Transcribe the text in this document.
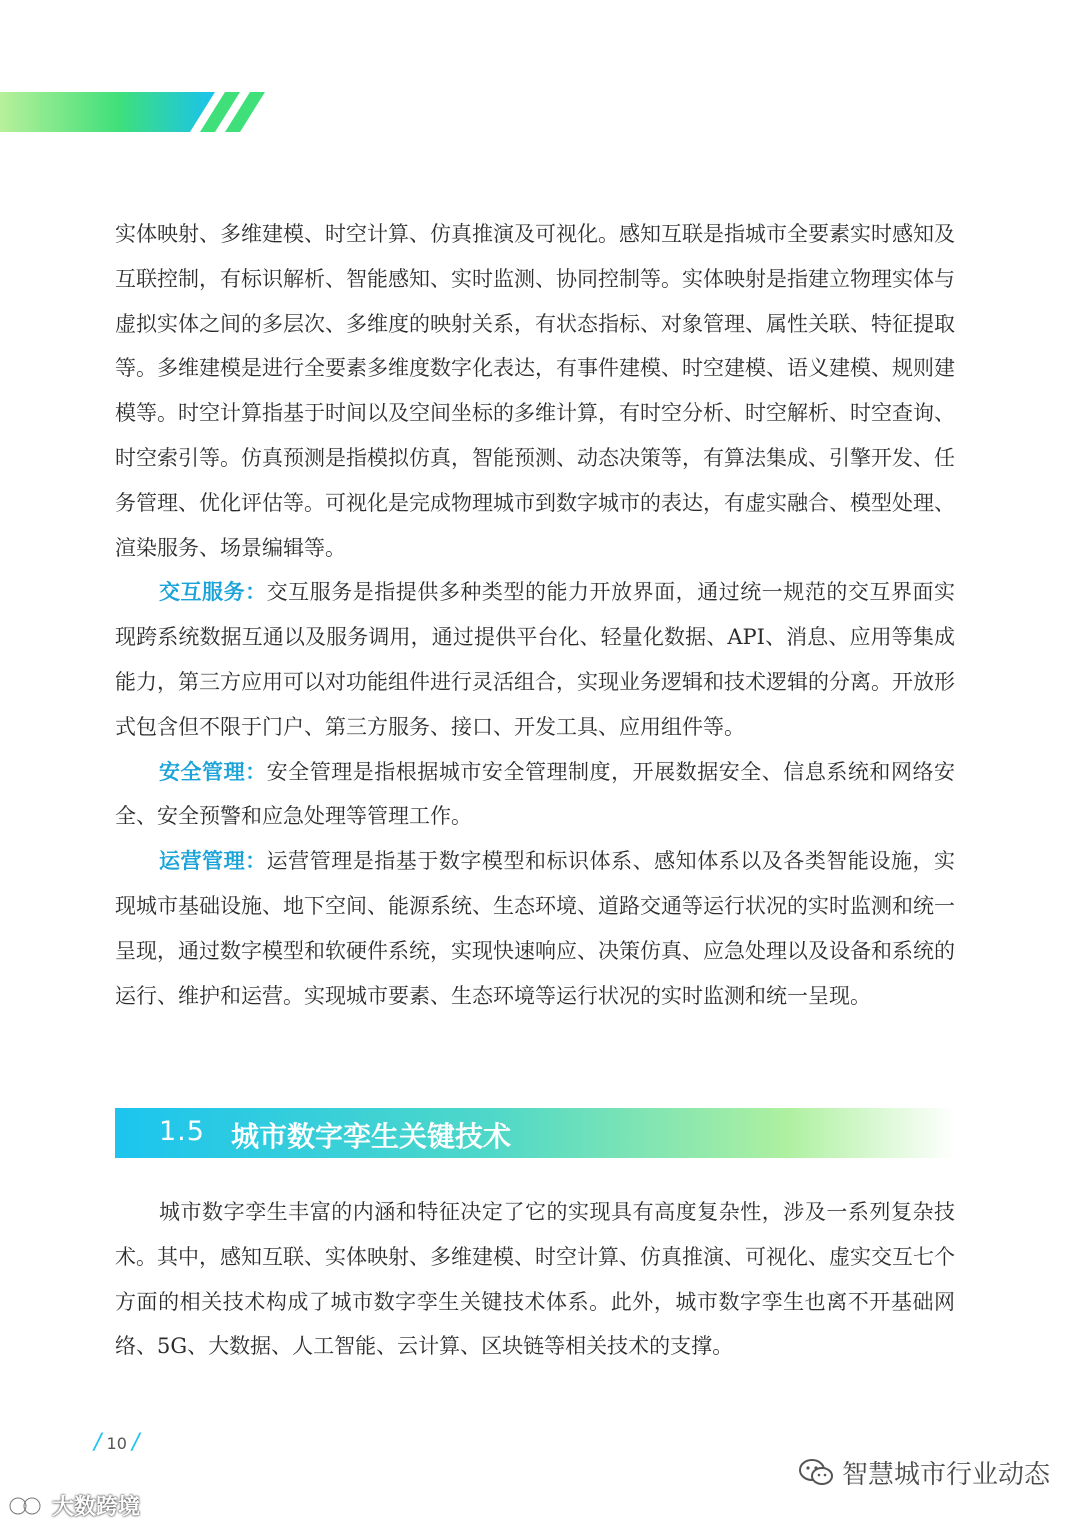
实体映射、多维建模、时空计算、仿真推演及可视化。感知互联是指城市全要素实时感知及互联控制，有标识解析、智能感知、实时监测、协同控制等。实体映射是指建立物理实体与虚拟实体之间的多层次、多维度的映射关系，有状态指标、对象管理、属性关联、特征提取等。多维建模是进行全要素多维度数字化表达，有事件建模、时空建模、语义建模、规则建模等。时空计算指基于时间以及空间坐标的多维计算，有时空分析、时空解析、时空查询、时空索引等。仿真预测是指模拟仿真，智能预测、动态决策等，有算法集成、引擎开发、任务管理、优化评估等。可视化是完成物理城市到数字城市的表达，有虚实融合、模型处理、渲染服务、场景编辑等。

交互服务：交互服务是指提供多种类型的能力开放界面，通过统一规范的交互界面实现跨系统数据互通以及服务调用，通过提供平台化、轻量化数据、API、消息、应用等集成能力，第三方应用可以对功能组件进行灵活组合，实现业务逻辑和技术逻辑的分离。开放形式包含但不限于门户、第三方服务、接口、开发工具、应用组件等。

安全管理：安全管理是指根据城市安全管理制度，开展数据安全、信息系统和网络安全、安全预警和应急处理等管理工作。

运营管理：运营管理是指基于数字模型和标识体系、感知体系以及各类智能设施，实现城市基础设施、地下空间、能源系统、生态环境、道路交通等运行状况的实时监测和统一呈现，通过数字模型和软硬件系统，实现快速响应、决策仿真、应急处理以及设备和系统的运行、维护和运营。实现城市要素、生态环境等运行状况的实时监测和统一呈现。

1.5 城市数字孪生关键技术

城市数字孪生丰富的内涵和特征决定了它的实现具有高度复杂性，涉及一系列复杂技术。其中，感知互联、实体映射、多维建模、时空计算、仿真推演、可视化、虚实交互七个方面的相关技术构成了城市数字孪生关键技术体系。此外，城市数字孪生也离不开基础网络、5G、大数据、人工智能、云计算、区块链等相关技术的支撑。

/ 10 /
智慧城市行业动态
大数跨境
